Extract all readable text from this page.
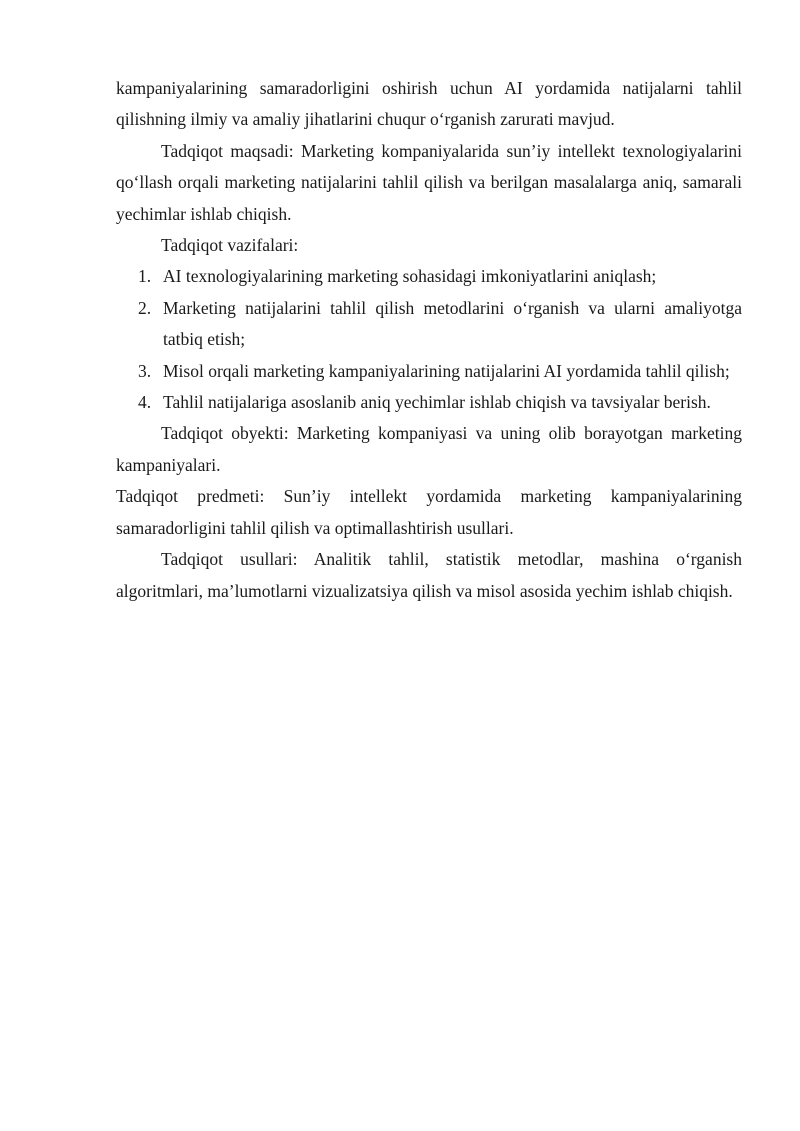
kampaniyalarining samaradorligini oshirish uchun AI yordamida natijalarni tahlil qilishning ilmiy va amaliy jihatlarini chuqur o‘rganish zarurati mavjud.

Tadqiqot maqsadi: Marketing kompaniyalarida sun’iy intellekt texnologiyalarini qo‘llash orqali marketing natijalarini tahlil qilish va berilgan masalalarga aniq, samarali yechimlar ishlab chiqish.

Tadqiqot vazifalari:

1. AI texnologiyalarining marketing sohasidagi imkoniyatlarini aniqlash;
2. Marketing natijalarini tahlil qilish metodlarini o‘rganish va ularni amaliyotga tatbiq etish;
3. Misol orqali marketing kampaniyalarining natijalarini AI yordamida tahlil qilish;
4. Tahlil natijalariga asoslanib aniq yechimlar ishlab chiqish va tavsiyalar berish.

Tadqiqot obyekti: Marketing kompaniyasi va uning olib borayotgan marketing kampaniyalari.

Tadqiqot predmeti: Sun’iy intellekt yordamida marketing kampaniyalarining samaradorligini tahlil qilish va optimallashtirish usullari.

Tadqiqot usullari: Analitik tahlil, statistik metodlar, mashina o‘rganish algoritmlari, ma’lumotlarni vizualizatsiya qilish va misol asosida yechim ishlab chiqish.
